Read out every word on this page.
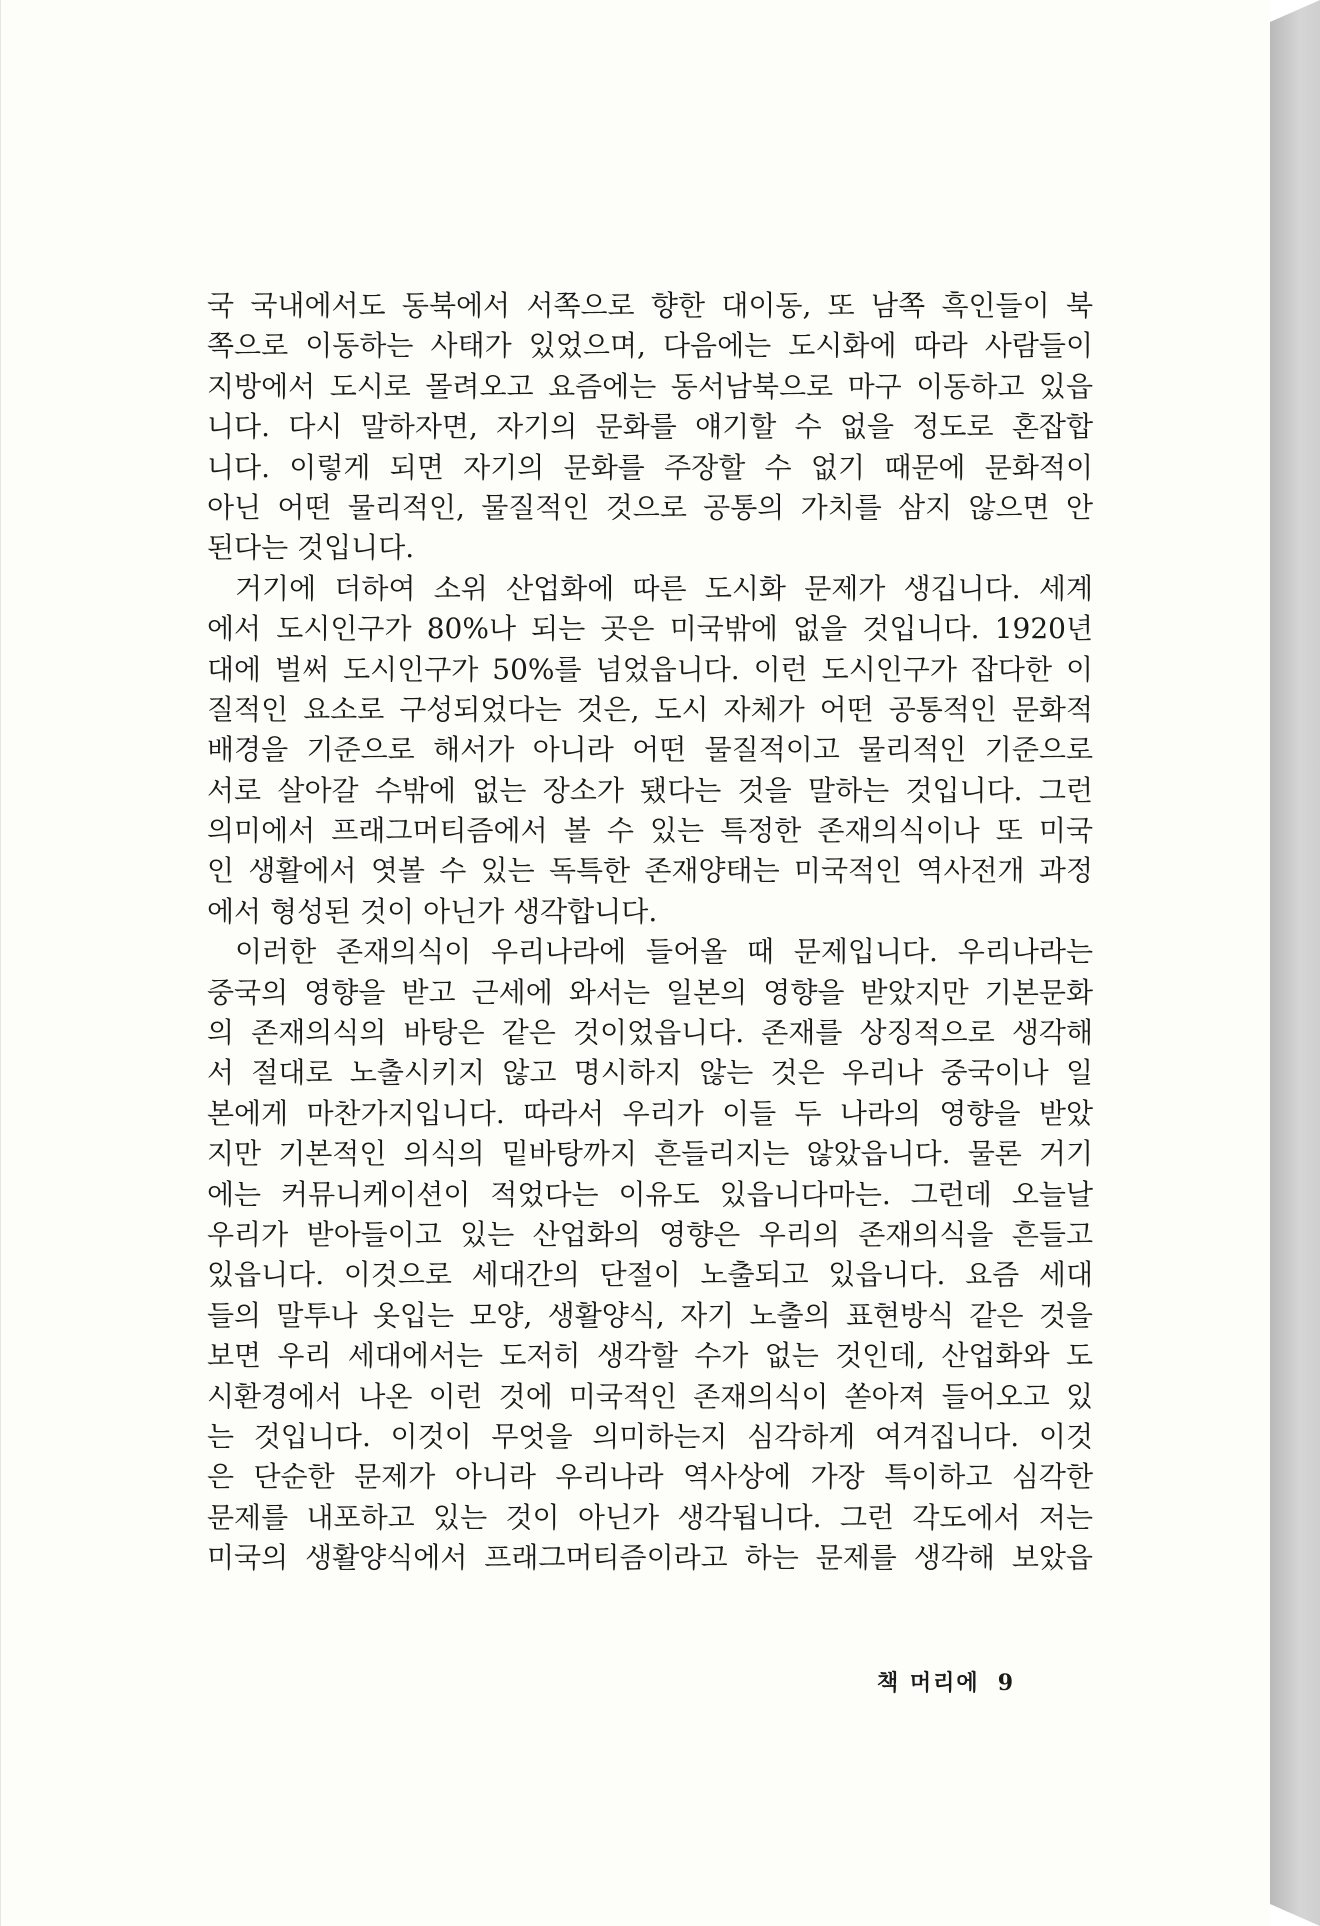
국 국내에서도 동북에서 서쪽으로 향한 대이동, 또 남쪽 흑인들이 북
쪽으로 이동하는 사태가 있었으며, 다음에는 도시화에 따라 사람들이
지방에서 도시로 몰려오고 요즘에는 동서남북으로 마구 이동하고 있읍
니다. 다시 말하자면, 자기의 문화를 얘기할 수 없을 정도로 혼잡합
니다. 이렇게 되면 자기의 문화를 주장할 수 없기 때문에 문화적이
아닌 어떤 물리적인, 물질적인 것으로 공통의 가치를 삼지 않으면 안
된다는 것입니다.
거기에 더하여 소위 산업화에 따른 도시화 문제가 생깁니다. 세계
에서 도시인구가 80%나 되는 곳은 미국밖에 없을 것입니다. 1920년
대에 벌써 도시인구가 50%를 넘었읍니다. 이런 도시인구가 잡다한 이
질적인 요소로 구성되었다는 것은, 도시 자체가 어떤 공통적인 문화적
배경을 기준으로 해서가 아니라 어떤 물질적이고 물리적인 기준으로
서로 살아갈 수밖에 없는 장소가 됐다는 것을 말하는 것입니다. 그런
의미에서 프래그머티즘에서 볼 수 있는 특정한 존재의식이나 또 미국
인 생활에서 엿볼 수 있는 독특한 존재양태는 미국적인 역사전개 과정
에서 형성된 것이 아닌가 생각합니다.
이러한 존재의식이 우리나라에 들어올 때 문제입니다. 우리나라는
중국의 영향을 받고 근세에 와서는 일본의 영향을 받았지만 기본문화
의 존재의식의 바탕은 같은 것이었읍니다. 존재를 상징적으로 생각해
서 절대로 노출시키지 않고 명시하지 않는 것은 우리나 중국이나 일
본에게 마찬가지입니다. 따라서 우리가 이들 두 나라의 영향을 받았
지만 기본적인 의식의 밑바탕까지 흔들리지는 않았읍니다. 물론 거기
에는 커뮤니케이션이 적었다는 이유도 있읍니다마는. 그런데 오늘날
우리가 받아들이고 있는 산업화의 영향은 우리의 존재의식을 흔들고
있읍니다. 이것으로 세대간의 단절이 노출되고 있읍니다. 요즘 세대
들의 말투나 옷입는 모양, 생활양식, 자기 노출의 표현방식 같은 것을
보면 우리 세대에서는 도저히 생각할 수가 없는 것인데, 산업화와 도
시환경에서 나온 이런 것에 미국적인 존재의식이 쏟아져 들어오고 있
는 것입니다. 이것이 무엇을 의미하는지 심각하게 여겨집니다. 이것
은 단순한 문제가 아니라 우리나라 역사상에 가장 특이하고 심각한
문제를 내포하고 있는 것이 아닌가 생각됩니다. 그런 각도에서 저는
미국의 생활양식에서 프래그머티즘이라고 하는 문제를 생각해 보았읍
책 머리에 9
